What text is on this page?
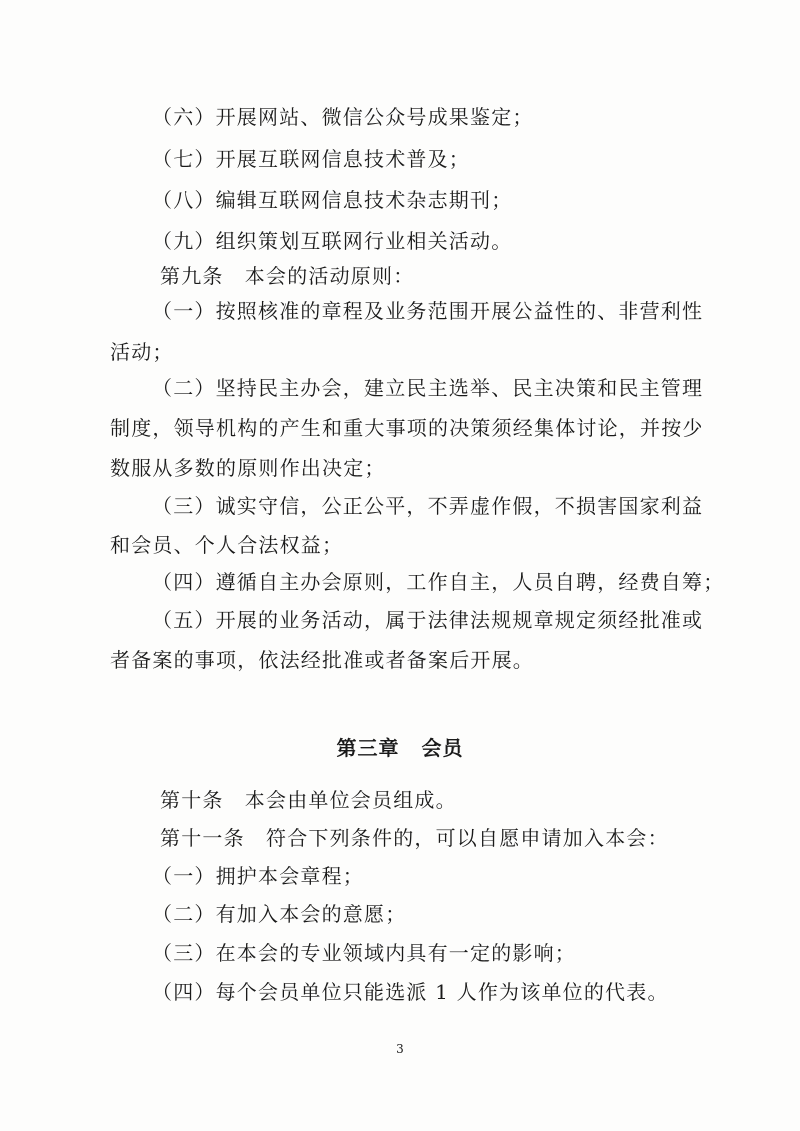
（六）开展网站、微信公众号成果鉴定；
（七）开展互联网信息技术普及；
（八）编辑互联网信息技术杂志期刊；
（九）组织策划互联网行业相关活动。
第九条　本会的活动原则：
（一）按照核准的章程及业务范围开展公益性的、非营利性
活动；
（二）坚持民主办会，建立民主选举、民主决策和民主管理
制度，领导机构的产生和重大事项的决策须经集体讨论，并按少
数服从多数的原则作出决定；
（三）诚实守信，公正公平，不弄虚作假，不损害国家利益
和会员、个人合法权益；
（四）遵循自主办会原则，工作自主，人员自聘，经费自筹；
（五）开展的业务活动，属于法律法规规章规定须经批准或
者备案的事项，依法经批准或者备案后开展。
第三章 会员
第十条　本会由单位会员组成。
第十一条　符合下列条件的，可以自愿申请加入本会：
（一）拥护本会章程；
（二）有加入本会的意愿；
（三）在本会的专业领域内具有一定的影响；
（四）每个会员单位只能选派 1 人作为该单位的代表。
3
